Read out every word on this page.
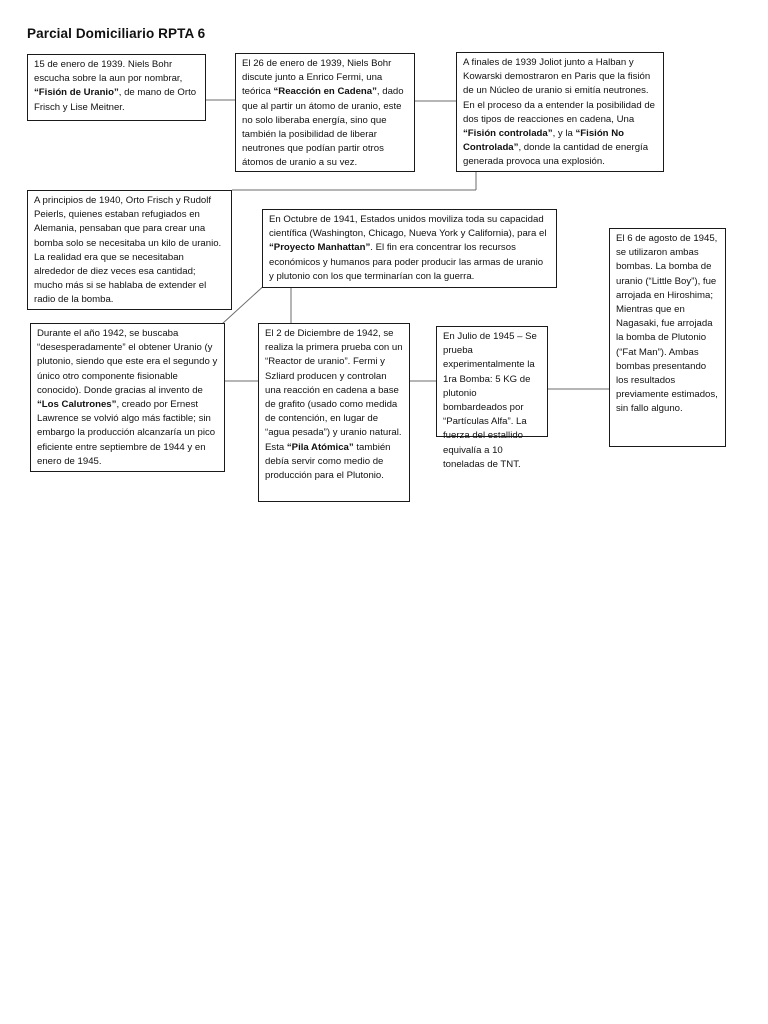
Parcial Domiciliario RPTA 6
15 de enero de 1939. Niels Bohr escucha sobre la aun por nombrar, “Fisión de Uranio”, de mano de Orto Frisch y Lise Meitner.
El 26 de enero de 1939, Niels Bohr discute junto a Enrico Fermi, una teórica “Reacción en Cadena”, dado que al partir un átomo de uranio, este no solo liberaba energía, sino que también la posibilidad de liberar neutrones que podían partir otros átomos de uranio a su vez.
A finales de 1939 Joliot junto a Halban y Kowarski demostraron en Paris que la fisión de un Núcleo de uranio si emitía neutrones. En el proceso da a entender la posibilidad de dos tipos de reacciones en cadena, Una “Fisión controlada”, y la “Fisión No Controlada”, donde la cantidad de energía generada provoca una explosión.
A principios de 1940, Orto Frisch y Rudolf Peierls, quienes estaban refugiados en Alemania, pensaban que para crear una bomba solo se necesitaba un kilo de uranio. La realidad era que se necesitaban alrededor de diez veces esa cantidad; mucho más si se hablaba de extender el radio de la bomba.
En Octubre de 1941, Estados unidos moviliza toda su capacidad científica (Washington, Chicago, Nueva York y California), para el “Proyecto Manhattan”. El fin era concentrar los recursos económicos y humanos para poder producir las armas de uranio y plutonio con los que terminarían con la guerra.
El 6 de agosto de 1945, se utilizaron ambas bombas. La bomba de uranio (“Little Boy”), fue arrojada en Hiroshima; Mientras que en Nagasaki, fue arrojada la bomba de Plutonio (“Fat Man”). Ambas bombas presentando los resultados previamente estimados, sin fallo alguno.
Durante el año 1942, se buscaba “desesperadamente” el obtener Uranio (y plutonio, siendo que este era el segundo y único otro componente fisionable conocido). Donde gracias al invento de “Los Calutrones”, creado por Ernest Lawrence se volvió algo más factible; sin embargo la producción alcanzaría un pico eficiente entre septiembre de 1944 y en enero de 1945.
El 2 de Diciembre de 1942, se realiza la primera prueba con un “Reactor de uranio”. Fermi y Szliard producen y controlan una reacción en cadena a base de grafito (usado como medida de contención, en lugar de “agua pesada”) y uranio natural. Esta “Pila Atómica” también debía servir como medio de producción para el Plutonio.
En Julio de 1945 – Se prueba experimentalmente la 1ra Bomba: 5 KG de plutonio bombardeados por “Partículas Alfa”. La fuerza del estallido equivalía a 10 toneladas de TNT.
